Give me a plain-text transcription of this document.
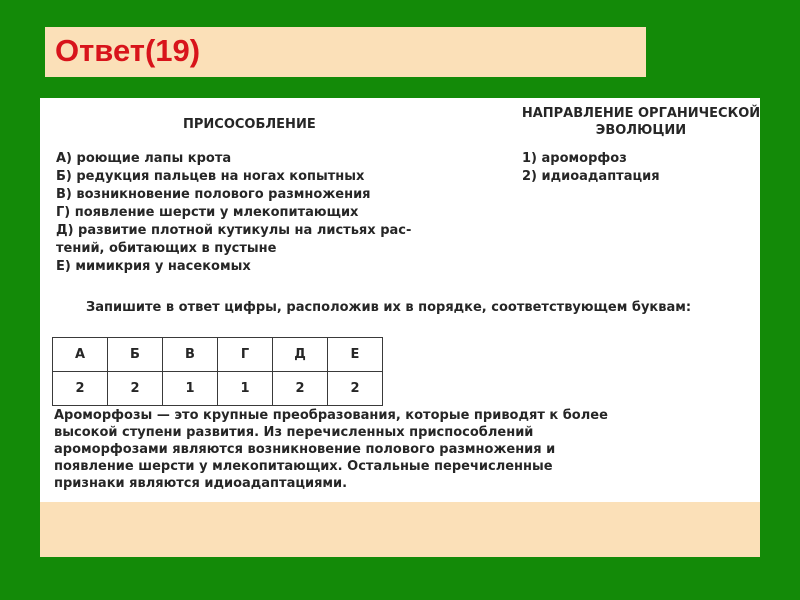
Ответ(19)
ПРИСОСОБЛЕНИЕ
НАПРАВЛЕНИЕ ОРГАНИЧЕСКОЙ
ЭВОЛЮЦИИ
А) роющие лапы крота
Б) редукция пальцев на ногах копытных
В) возникновение полового размножения
Г) появление шерсти у млекопитающих
Д) развитие плотной кутикулы на листьях рас-
тений, обитающих в пустыне
Е) мимикрия у насекомых
1) ароморфоз
2) идиоадаптация
Запишите в ответ цифры, расположив их в порядке, соответствующем буквам:
А	Б	В	Г	Д	Е
2	2	1	1	2	2
Ароморфозы — это крупные преобразования, которые приводят к более
высокой ступени развития. Из перечисленных приспособлений
ароморфозами являются возникновение полового размножения и
появление шерсти у млекопитающих. Остальные перечисленные
признаки являются идиоадаптациями.
